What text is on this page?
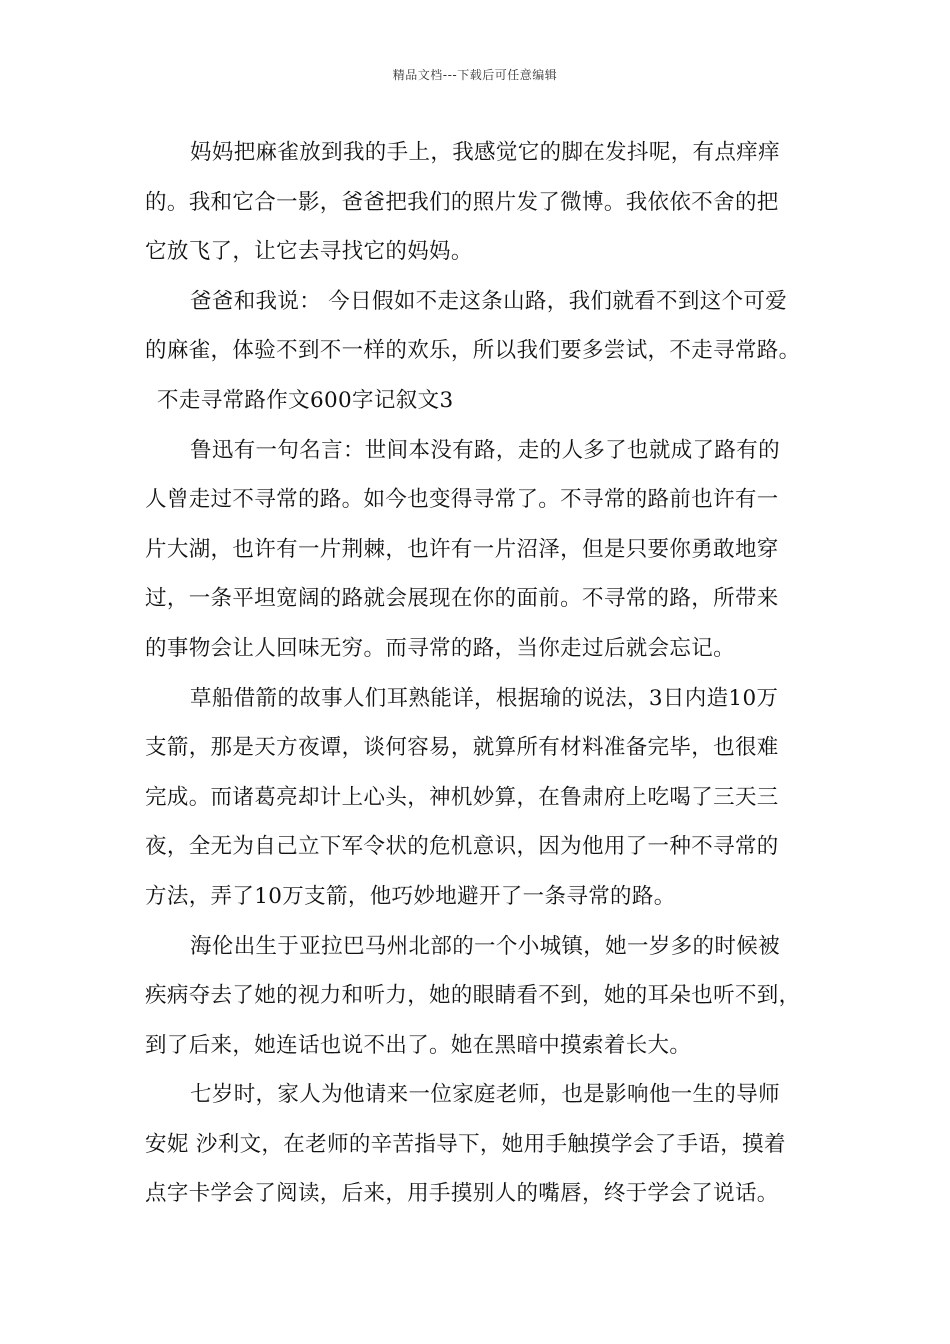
精品文档---下载后可任意编辑
妈妈把麻雀放到我的手上，我感觉它的脚在发抖呢，有点痒痒
的。我和它合一影，爸爸把我们的照片发了微博。我依依不舍的把
它放飞了，让它去寻找它的妈妈。
爸爸和我说： 今日假如不走这条山路，我们就看不到这个可爱
的麻雀，体验不到不一样的欢乐，所以我们要多尝试，不走寻常路。
不走寻常路作文600字记叙文3
鲁迅有一句名言：世间本没有路，走的人多了也就成了路有的
人曾走过不寻常的路。如今也变得寻常了。不寻常的路前也许有一
片大湖，也许有一片荆棘，也许有一片沼泽，但是只要你勇敢地穿
过，一条平坦宽阔的路就会展现在你的面前。不寻常的路，所带来
的事物会让人回味无穷。而寻常的路，当你走过后就会忘记。
草船借箭的故事人们耳熟能详，根据瑜的说法，3日内造10万
支箭，那是天方夜谭，谈何容易，就算所有材料准备完毕，也很难
完成。而诸葛亮却计上心头，神机妙算，在鲁肃府上吃喝了三天三
夜，全无为自己立下军令状的危机意识，因为他用了一种不寻常的
方法，弄了10万支箭，他巧妙地避开了一条寻常的路。
海伦出生于亚拉巴马州北部的一个小城镇，她一岁多的时候被
疾病夺去了她的视力和听力，她的眼睛看不到，她的耳朵也听不到，
到了后来，她连话也说不出了。她在黑暗中摸索着长大。
七岁时，家人为他请来一位家庭老师，也是影响他一生的导师
安妮 沙利文，在老师的辛苦指导下，她用手触摸学会了手语，摸着
点字卡学会了阅读，后来，用手摸别人的嘴唇，终于学会了说话。
